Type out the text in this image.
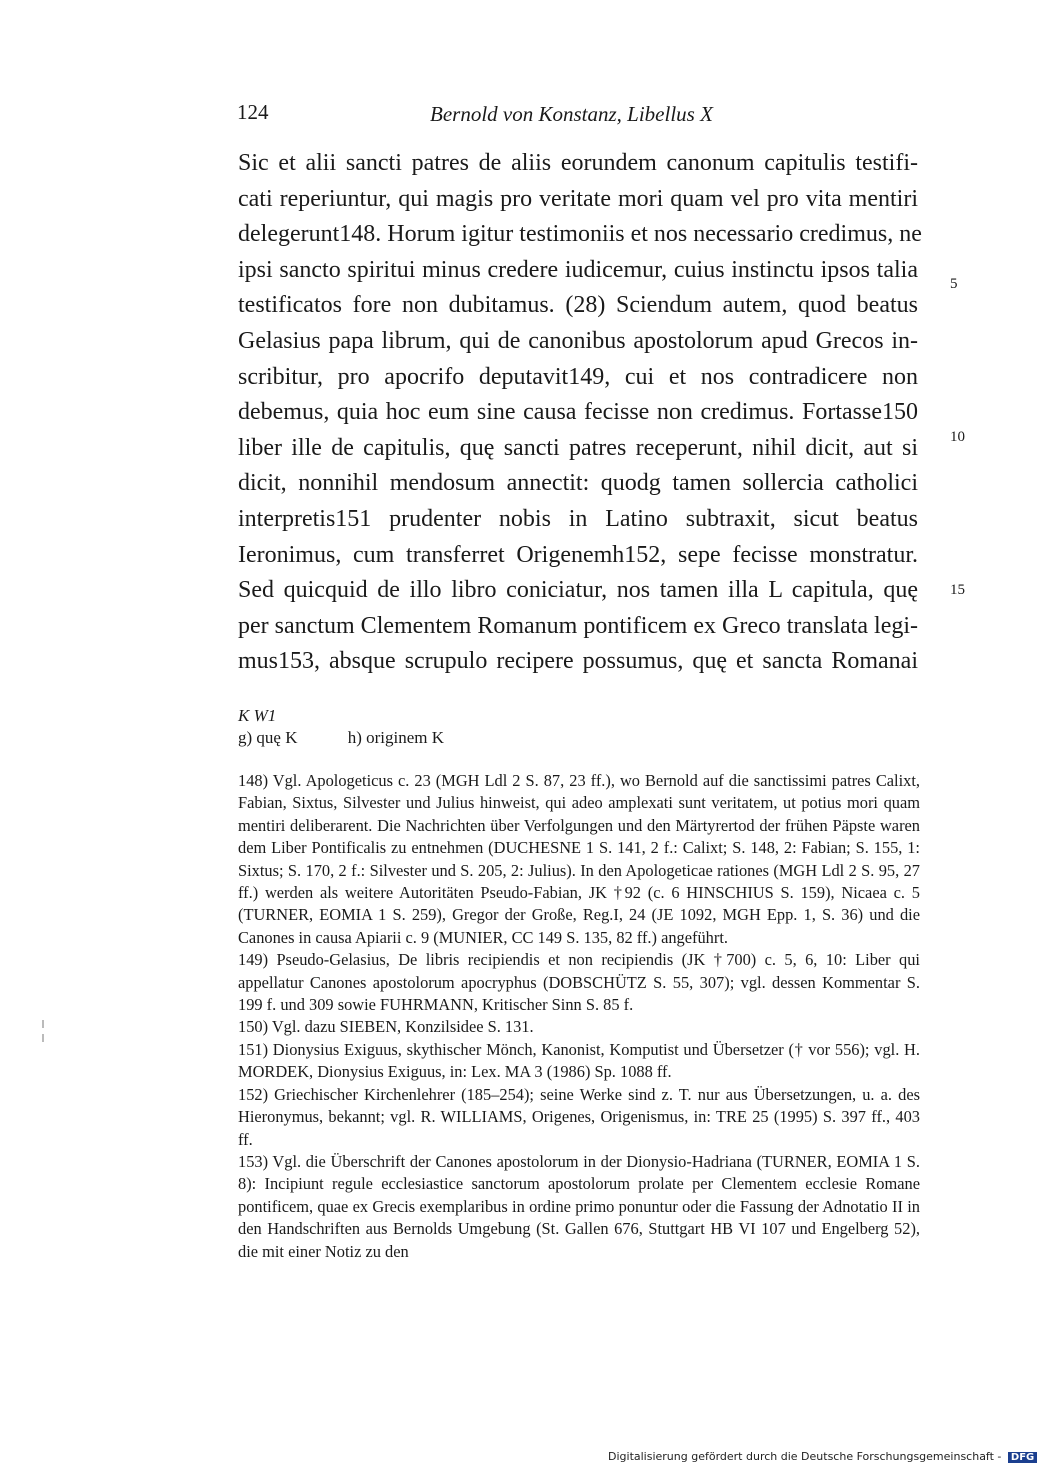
124	Bernold von Konstanz, Libellus X
Sic et alii sancti patres de aliis eorundem canonum capitulis testifi-
cati reperiuntur, qui magis pro veritate mori quam vel pro vita mentiri
delegerunt148. Horum igitur testimoniis et nos necessario credimus, ne
ipsi sancto spiritui minus credere iudicemur, cuius instinctu ipsos talia
testificatos fore non dubitamus. (28) Sciendum autem, quod beatus
Gelasius papa librum, qui de canonibus apostolorum apud Grecos in-
scribitur, pro apocrifo deputavit149, cui et nos contradicere non
debemus, quia hoc eum sine causa fecisse non credimus. Fortasse150
liber ille de capitulis, quę sancti patres receperunt, nihil dicit, aut si
dicit, nonnihil mendosum annectit: quodg tamen sollercia catholici
interpretis151 prudenter nobis in Latino subtraxit, sicut beatus
Ieronimus, cum transferret Origenemh152, sepe fecisse monstratur.
Sed quicquid de illo libro coniciatur, nos tamen illa L capitula, quę
per sanctum Clementem Romanum pontificem ex Greco translata legi-
mus153, absque scrupulo recipere possumus, quę et sancta Romanai
5
10
15
K W1
g) quę K	h) originem K

148) Vgl. Apologeticus c. 23 (MGH Ldl 2 S. 87, 23 ff.), wo Bernold auf die sanctissimi patres Calixt, Fabian, Sixtus, Silvester und Julius hinweist, qui adeo amplexati sunt veritatem, ut potius mori quam mentiri deliberarent. Die Nachrichten über Verfolgungen und den Märtyrertod der frühen Päpste waren dem Liber Pontificalis zu entnehmen (DUCHESNE 1 S. 141, 2 f.: Calixt; S. 148, 2: Fabian; S. 155, 1: Sixtus; S. 170, 2 f.: Silvester und S. 205, 2: Julius). In den Apologeticae rationes (MGH Ldl 2 S. 95, 27 ff.) werden als weitere Autoritäten Pseudo-Fabian, JK †92 (c. 6 HINSCHIUS S. 159), Nicaea c. 5 (TURNER, EOMIA 1 S. 259), Gregor der Große, Reg.I, 24 (JE 1092, MGH Epp. 1, S. 36) und die Canones in causa Apiarii c. 9 (MUNIER, CC 149 S. 135, 82 ff.) angeführt.

149) Pseudo-Gelasius, De libris recipiendis et non recipiendis (JK †700) c. 5, 6, 10: Liber qui appellatur Canones apostolorum apocryphus (DOBSCHÜTZ S. 55, 307); vgl. dessen Kommentar S. 199 f. und 309 sowie FUHRMANN, Kritischer Sinn S. 85 f.

150) Vgl. dazu SIEBEN, Konzilsidee S. 131.

151) Dionysius Exiguus, skythischer Mönch, Kanonist, Komputist und Übersetzer († vor 556); vgl. H. MORDEK, Dionysius Exiguus, in: Lex. MA 3 (1986) Sp. 1088 ff.

152) Griechischer Kirchenlehrer (185–254); seine Werke sind z. T. nur aus Übersetzungen, u. a. des Hieronymus, bekannt; vgl. R. WILLIAMS, Origenes, Origenismus, in: TRE 25 (1995) S. 397 ff., 403 ff.

153) Vgl. die Überschrift der Canones apostolorum in der Dionysio-Hadriana (TURNER, EOMIA 1 S. 8): Incipiunt regule ecclesiastice sanctorum apostolorum prolate per Clementem ecclesie Romane pontificem, quae ex Grecis exemplaribus in ordine primo ponuntur oder die Fassung der Adnotatio II in den Handschriften aus Bernolds Umgebung (St. Gallen 676, Stuttgart HB VI 107 und Engelberg 52), die mit einer Notiz zu den

Digitalisierung gefördert durch die Deutsche Forschungsgemeinschaft - DFG
